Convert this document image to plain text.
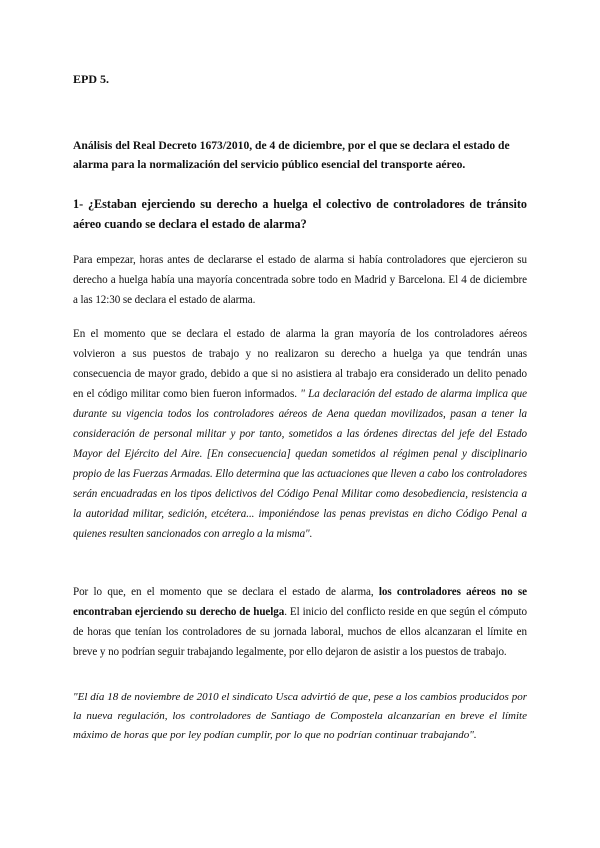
EPD 5.

Análisis del Real Decreto 1673/2010, de 4 de diciembre, por el que se declara el estado de alarma para la normalización del servicio público esencial del transporte aéreo.

1- ¿Estaban ejerciendo su derecho a huelga el colectivo de controladores de tránsito aéreo cuando se declara el estado de alarma?

Para empezar, horas antes de declararse el estado de alarma si había controladores que ejercieron su derecho a huelga había una mayoría concentrada sobre todo en Madrid y Barcelona. El 4 de diciembre a las 12:30 se declara el estado de alarma.

En el momento que se declara el estado de alarma la gran mayoría de los controladores aéreos volvieron a sus puestos de trabajo y no realizaron su derecho a huelga ya que tendrán unas consecuencia de mayor grado, debido a que si no asistiera al trabajo era considerado un delito penado en el código militar como bien fueron informados. " La declaración del estado de alarma implica que durante su vigencia todos los controladores aéreos de Aena quedan movilizados, pasan a tener la consideración de personal militar y por tanto, sometidos a las órdenes directas del jefe del Estado Mayor del Ejército del Aire. [En consecuencia] quedan sometidos al régimen penal y disciplinario propio de las Fuerzas Armadas. Ello determina que las actuaciones que lleven a cabo los controladores serán encuadradas en los tipos delictivos del Código Penal Militar como desobediencia, resistencia a la autoridad militar, sedición, etcétera... imponiéndose las penas previstas en dicho Código Penal a quienes resulten sancionados con arreglo a la misma".

Por lo que, en el momento que se declara el estado de alarma, los controladores aéreos no se encontraban ejerciendo su derecho de huelga. El inicio del conflicto reside en que según el cómputo de horas que tenían los controladores de su jornada laboral, muchos de ellos alcanzaran el límite en breve y no podrían seguir trabajando legalmente, por ello dejaron de asistir a los puestos de trabajo.

"El día 18 de noviembre de 2010 el sindicato Usca advirtió de que, pese a los cambios producidos por la nueva regulación, los controladores de Santiago de Compostela alcanzarían en breve el límite máximo de horas que por ley podían cumplir, por lo que no podrían continuar trabajando".
